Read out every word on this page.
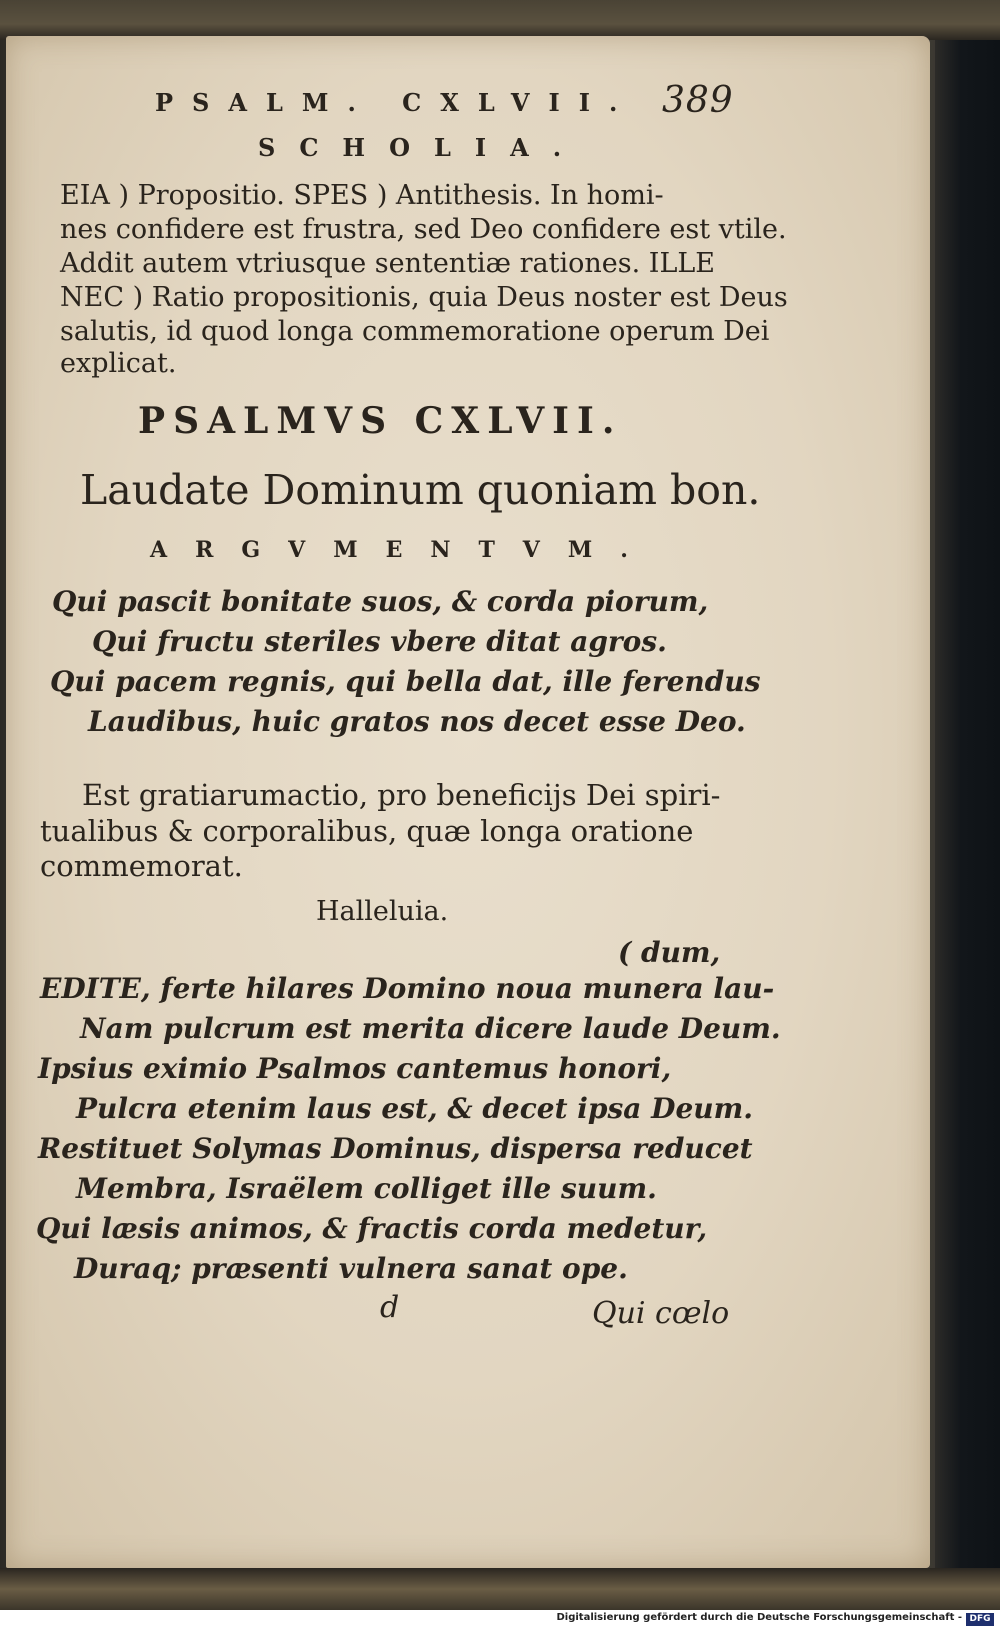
PSALM. CXLVII. 389
SCHOLIA.
EIA ) Propositio. SPES ) Antithesis. In homi-
nes confidere est frustra, sed Deo confidere est vtile.
Addit autem vtriusque sententiæ rationes. ILLE
NEC ) Ratio propositionis, quia Deus noster est Deus
salutis, id quod longa commemoratione operum Dei
explicat.
PSALMVS CXLVII.
Laudate Dominum quoniam bon.
ARGVMENTVM.
Qui pascit bonitate suos, & corda piorum,
Qui fructu steriles vbere ditat agros.
Qui pacem regnis, qui bella dat, ille ferendus
Laudibus, huic gratos nos decet esse Deo.
Est gratiarumactio, pro beneficijs Dei spiri-
tualibus & corporalibus, quæ longa oratione
commemorat.
Halleluia.
( dum,
EDITE, ferte hilares Domino noua munera lau-
Nam pulcrum est merita dicere laude Deum.
Ipsius eximio Psalmos cantemus honori,
Pulcra etenim laus est, & decet ipsa Deum.
Restituet Solymas Dominus, dispersa reducet
Membra, Israëlem colliget ille suum.
Qui læsis animos, & fractis corda medetur,
Duraq; præsenti vulnera sanat ope.
d	Qui cœlo
Digitalisierung gefördert durch die Deutsche Forschungsgemeinschaft - DFG
